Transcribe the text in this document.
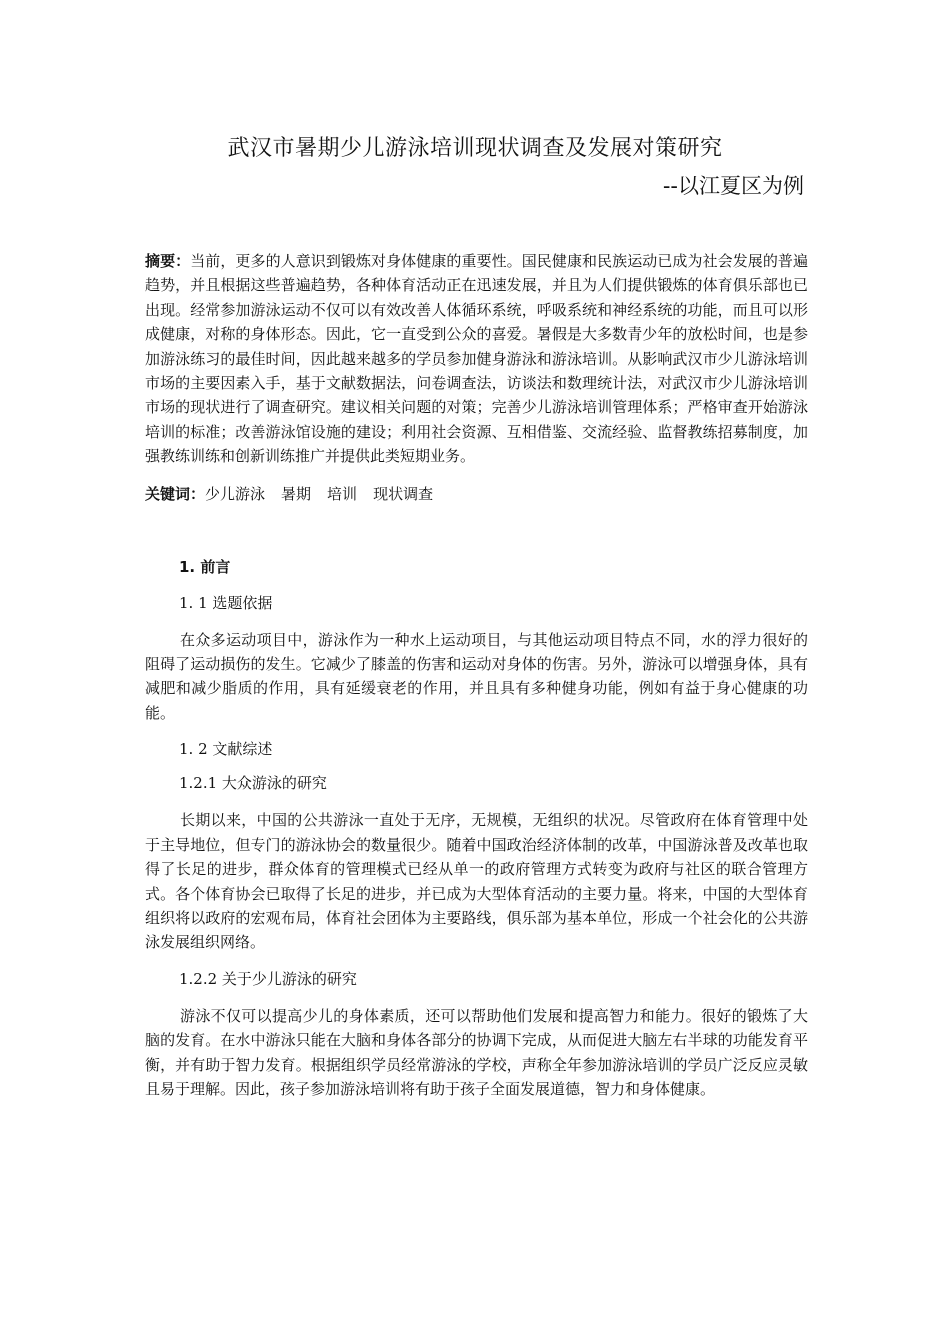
武汉市暑期少儿游泳培训现状调查及发展对策研究
--以江夏区为例

摘要：当前，更多的人意识到锻炼对身体健康的重要性。国民健康和民族运动已成为社会发展的普遍趋势，并且根据这些普遍趋势，各种体育活动正在迅速发展，并且为人们提供锻炼的体育俱乐部也已出现。经常参加游泳运动不仅可以有效改善人体循环系统，呼吸系统和神经系统的功能，而且可以形成健康，对称的身体形态。因此，它一直受到公众的喜爱。暑假是大多数青少年的放松时间，也是参加游泳练习的最佳时间，因此越来越多的学员参加健身游泳和游泳培训。从影响武汉市少儿游泳培训市场的主要因素入手，基于文献数据法，问卷调查法，访谈法和数理统计法，对武汉市少儿游泳培训市场的现状进行了调查研究。建议相关问题的对策；完善少儿游泳培训管理体系；严格审查开始游泳培训的标准；改善游泳馆设施的建设；利用社会资源、互相借鉴、交流经验、监督教练招募制度，加强教练训练和创新训练推广并提供此类短期业务。

关键词：少儿游泳 暑期 培训 现状调查
1. 前言
1. 1 选题依据

在众多运动项目中，游泳作为一种水上运动项目，与其他运动项目特点不同，水的浮力很好的阻碍了运动损伤的发生。它减少了膝盖的伤害和运动对身体的伤害。另外，游泳可以增强身体，具有减肥和减少脂质的作用，具有延缓衰老的作用，并且具有多种健身功能，例如有益于身心健康的功能。

1. 2 文献综述
1.2.1 大众游泳的研究

长期以来，中国的公共游泳一直处于无序，无规模，无组织的状况。尽管政府在体育管理中处于主导地位，但专门的游泳协会的数量很少。随着中国政治经济体制的改革，中国游泳普及改革也取得了长足的进步，群众体育的管理模式已经从单一的政府管理方式转变为政府与社区的联合管理方式。各个体育协会已取得了长足的进步，并已成为大型体育活动的主要力量。将来，中国的大型体育组织将以政府的宏观布局，体育社会团体为主要路线，俱乐部为基本单位，形成一个社会化的公共游泳发展组织网络。

1.2.2 关于少儿游泳的研究

游泳不仅可以提高少儿的身体素质，还可以帮助他们发展和提高智力和能力。很好的锻炼了大脑的发育。在水中游泳只能在大脑和身体各部分的协调下完成，从而促进大脑左右半球的功能发育平衡，并有助于智力发育。根据组织学员经常游泳的学校，声称全年参加游泳培训的学员广泛反应灵敏且易于理解。因此，孩子参加游泳培训将有助于孩子全面发展道德，智力和身体健康。
